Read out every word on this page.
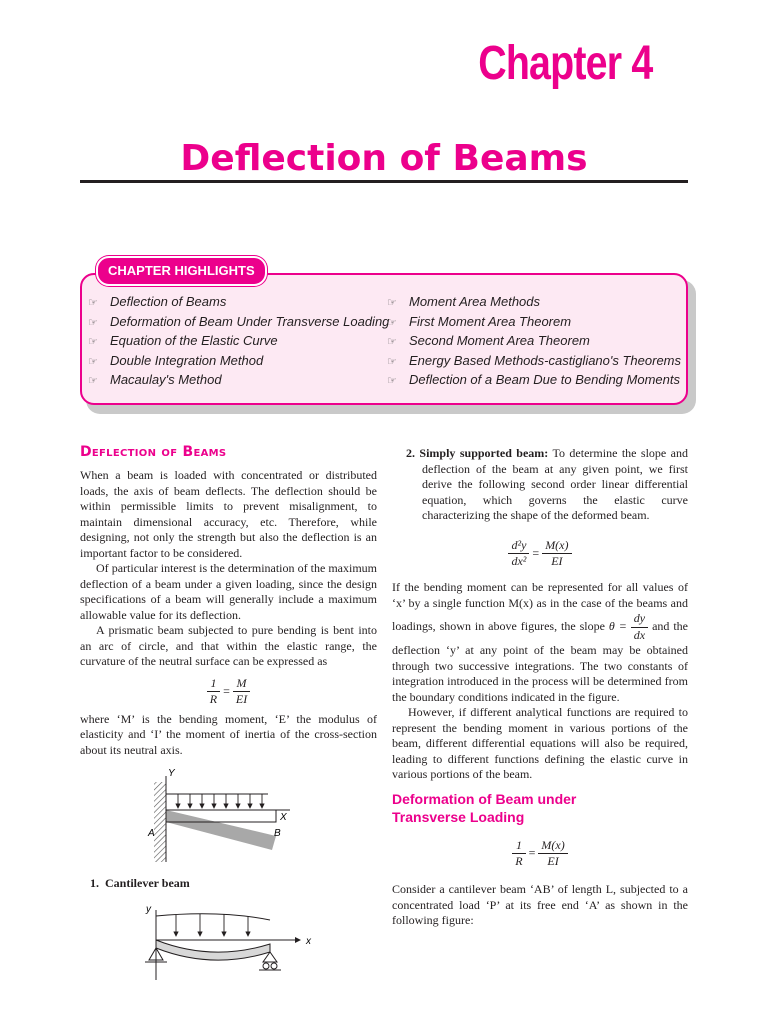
Chapter 4
Deflection of Beams
CHAPTER HIGHLIGHTS
☞ Deflection of Beams
☞ Deformation of Beam Under Transverse Loading
☞ Equation of the Elastic Curve
☞ Double Integration Method
☞ Macaulay's Method
☞ Moment Area Methods
☞ First Moment Area Theorem
☞ Second Moment Area Theorem
☞ Energy Based Methods-castigliano's Theorems
☞ Deflection of a Beam Due to Bending Moments
Deflection of Beams

When a beam is loaded with concentrated or distributed loads, the axis of beam deflects. The deflection should be within permissible limits to prevent misalignment, to maintain dimensional accuracy, etc. Therefore, while designing, not only the strength but also the deflection is an important factor to be considered.

Of particular interest is the determination of the maximum deflection of a beam under a given loading, since the design specifications of a beam will generally include a maximum allowable value for its deflection.

A prismatic beam subjected to pure bending is bent into an arc of circle, and that within the elastic range, the curvature of the neutral surface can be expressed as

$\frac{1}{R} = \frac{M}{EI}$

where ‘M’ is the bending moment, ‘E’ the modulus of elasticity and ‘I’ the moment of inertia of the cross-section about its neutral axis.

Y
X
A	B
1. Cantilever beam
y
x

2. Simply supported beam: To determine the slope and deflection of the beam at any given point, we first derive the following second order linear differential equation, which governs the elastic curve characterizing the shape of the deformed beam.

$\frac{\text{d²y}}{\text{dx²}} = \frac{M(x)}{EI}$

If the bending moment can be represented for all values of ‘x’ by a single function M(x) as in the case of the beams and loadings, shown in above figures, the slope $\theta = \frac{dy}{dx}$ and the deflection ‘y’ at any point of the beam may be obtained through two successive integrations. The two constants of integration introduced in the process will be determined from the boundary conditions indicated in the figure.

However, if different analytical functions are required to represent the bending moment in various portions of the beam, different differential equations will also be required, leading to different functions defining the elastic curve in various portions of the beam.

Deformation of Beam under Transverse Loading
$\frac{1}{R} = \frac{M(x)}{EI}$

Consider a cantilever beam ‘AB’ of length L, subjected to a concentrated load ‘P’ at its free end ‘A’ as shown in the following figure:
